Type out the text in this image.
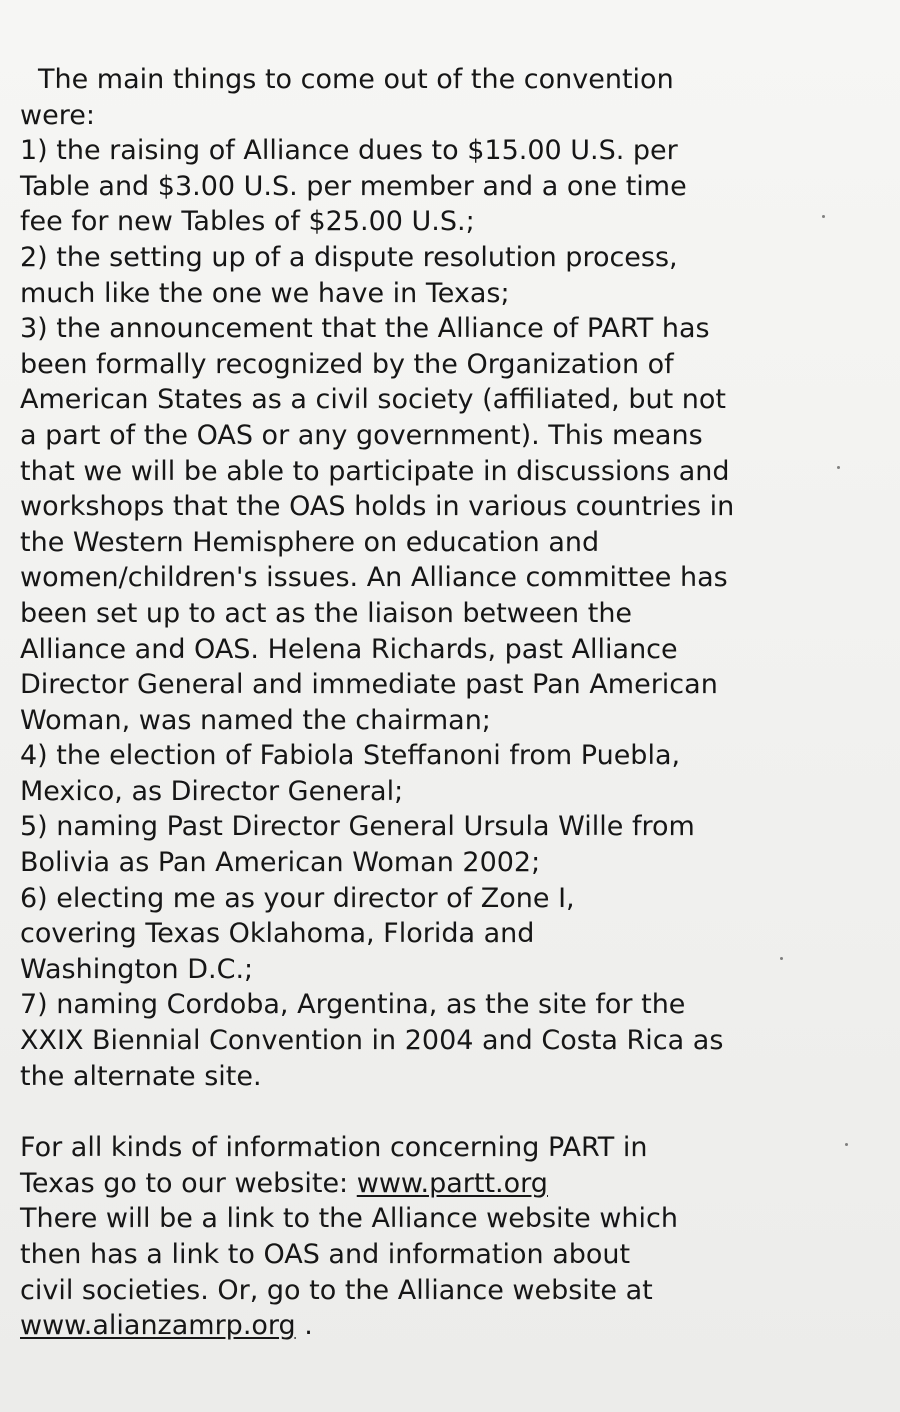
The main things to come out of the convention
were:
1) the raising of Alliance dues to $15.00 U.S. per
Table and $3.00 U.S. per member and a one time
fee for new Tables of $25.00 U.S.;
2) the setting up of a dispute resolution process,
much like the one we have in Texas;
3) the announcement that the Alliance of PART has
been formally recognized by the Organization of
American States as a civil society (affiliated, but not
a part of the OAS or any government). This means
that we will be able to participate in discussions and
workshops that the OAS holds in various countries in
the Western Hemisphere on education and
women/children's issues. An Alliance committee has
been set up to act as the liaison between the
Alliance and OAS. Helena Richards, past Alliance
Director General and immediate past Pan American
Woman, was named the chairman;
4) the election of Fabiola Steffanoni from Puebla,
Mexico, as Director General;
5) naming Past Director General Ursula Wille from
Bolivia as Pan American Woman 2002;
6) electing me as your director of Zone I,
covering Texas Oklahoma, Florida and
Washington D.C.;
7) naming Cordoba, Argentina, as the site for the
XXIX Biennial Convention in 2004 and Costa Rica as
the alternate site.
For all kinds of information concerning PART in
Texas go to our website: www.partt.org
There will be a link to the Alliance website which
then has a link to OAS and information about
civil societies. Or, go to the Alliance website at
www.alianzamrp.org .
